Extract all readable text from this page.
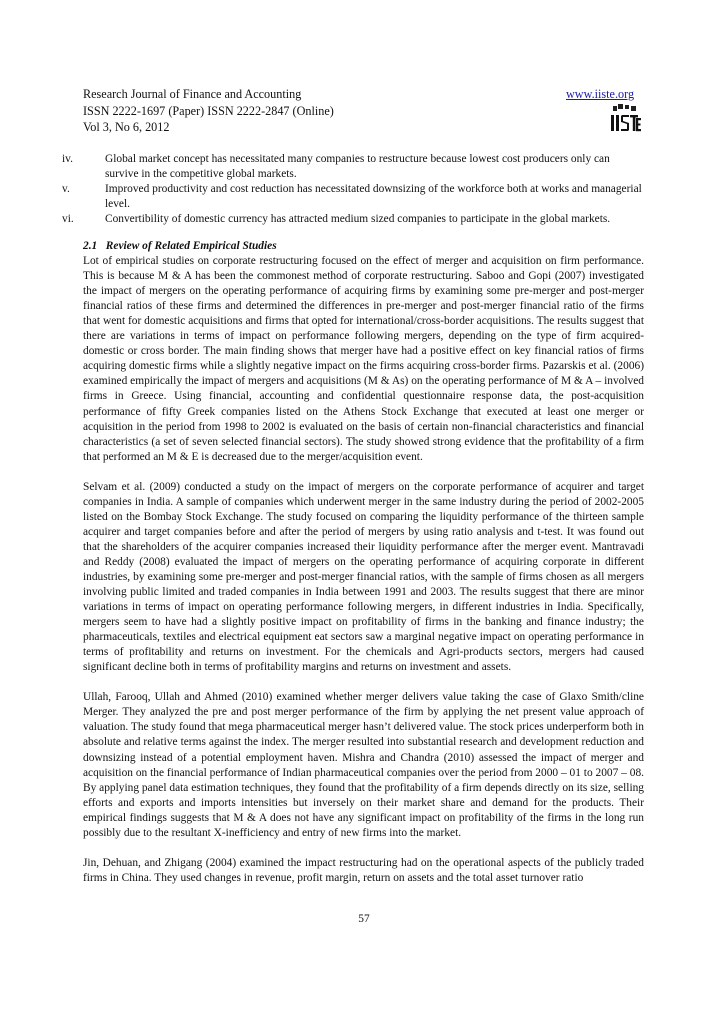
Research Journal of Finance and Accounting
ISSN 2222-1697 (Paper) ISSN 2222-2847 (Online)
Vol 3, No 6, 2012
www.iiste.org
iv.	Global market concept has necessitated many companies to restructure because lowest cost producers only can survive in the competitive global markets.
v.	Improved productivity and cost reduction has necessitated downsizing of the workforce both at works and managerial level.
vi.	Convertibility of domestic currency has attracted medium sized companies to participate in the global markets.
2.1 Review of Related Empirical Studies

Lot of empirical studies on corporate restructuring focused on the effect of merger and acquisition on firm performance. This is because M & A has been the commonest method of corporate restructuring. Saboo and Gopi (2007) investigated the impact of mergers on the operating performance of acquiring firms by examining some pre-merger and post-merger financial ratios of these firms and determined the differences in pre-merger and post-merger financial ratio of the firms that went for domestic acquisitions and firms that opted for international/cross-border acquisitions. The results suggest that there are variations in terms of impact on performance following mergers, depending on the type of firm acquired-domestic or cross border. The main finding shows that merger have had a positive effect on key financial ratios of firms acquiring domestic firms while a slightly negative impact on the firms acquiring cross-border firms. Pazarskis et al. (2006) examined empirically the impact of mergers and acquisitions (M & As) on the operating performance of M & A – involved firms in Greece. Using financial, accounting and confidential questionnaire response data, the post-acquisition performance of fifty Greek companies listed on the Athens Stock Exchange that executed at least one merger or acquisition in the period from 1998 to 2002 is evaluated on the basis of certain non-financial characteristics and financial characteristics (a set of seven selected financial sectors). The study showed strong evidence that the profitability of a firm that performed an M & E is decreased due to the merger/acquisition event.

Selvam et al. (2009) conducted a study on the impact of mergers on the corporate performance of acquirer and target companies in India. A sample of companies which underwent merger in the same industry during the period of 2002-2005 listed on the Bombay Stock Exchange. The study focused on comparing the liquidity performance of the thirteen sample acquirer and target companies before and after the period of mergers by using ratio analysis and t-test. It was found out that the shareholders of the acquirer companies increased their liquidity performance after the merger event. Mantravadi and Reddy (2008) evaluated the impact of mergers on the operating performance of acquiring corporate in different industries, by examining some pre-merger and post-merger financial ratios, with the sample of firms chosen as all mergers involving public limited and traded companies in India between 1991 and 2003. The results suggest that there are minor variations in terms of impact on operating performance following mergers, in different industries in India. Specifically, mergers seem to have had a slightly positive impact on profitability of firms in the banking and finance industry; the pharmaceuticals, textiles and electrical equipment eat sectors saw a marginal negative impact on operating performance in terms of profitability and returns on investment. For the chemicals and Agri-products sectors, mergers had caused significant decline both in terms of profitability margins and returns on investment and assets.

Ullah, Farooq, Ullah and Ahmed (2010) examined whether merger delivers value taking the case of Glaxo Smith/cline Merger. They analyzed the pre and post merger performance of the firm by applying the net present value approach of valuation. The study found that mega pharmaceutical merger hasn’t delivered value. The stock prices underperform both in absolute and relative terms against the index. The merger resulted into substantial research and development reduction and downsizing instead of a potential employment haven. Mishra and Chandra (2010) assessed the impact of merger and acquisition on the financial performance of Indian pharmaceutical companies over the period from 2000 – 01 to 2007 – 08. By applying panel data estimation techniques, they found that the profitability of a firm depends directly on its size, selling efforts and exports and imports intensities but inversely on their market share and demand for the products. Their empirical findings suggests that M & A does not have any significant impact on profitability of the firms in the long run possibly due to the resultant X-inefficiency and entry of new firms into the market.

Jin, Dehuan, and Zhigang (2004) examined the impact restructuring had on the operational aspects of the publicly traded firms in China. They used changes in revenue, profit margin, return on assets and the total asset turnover ratio

57
